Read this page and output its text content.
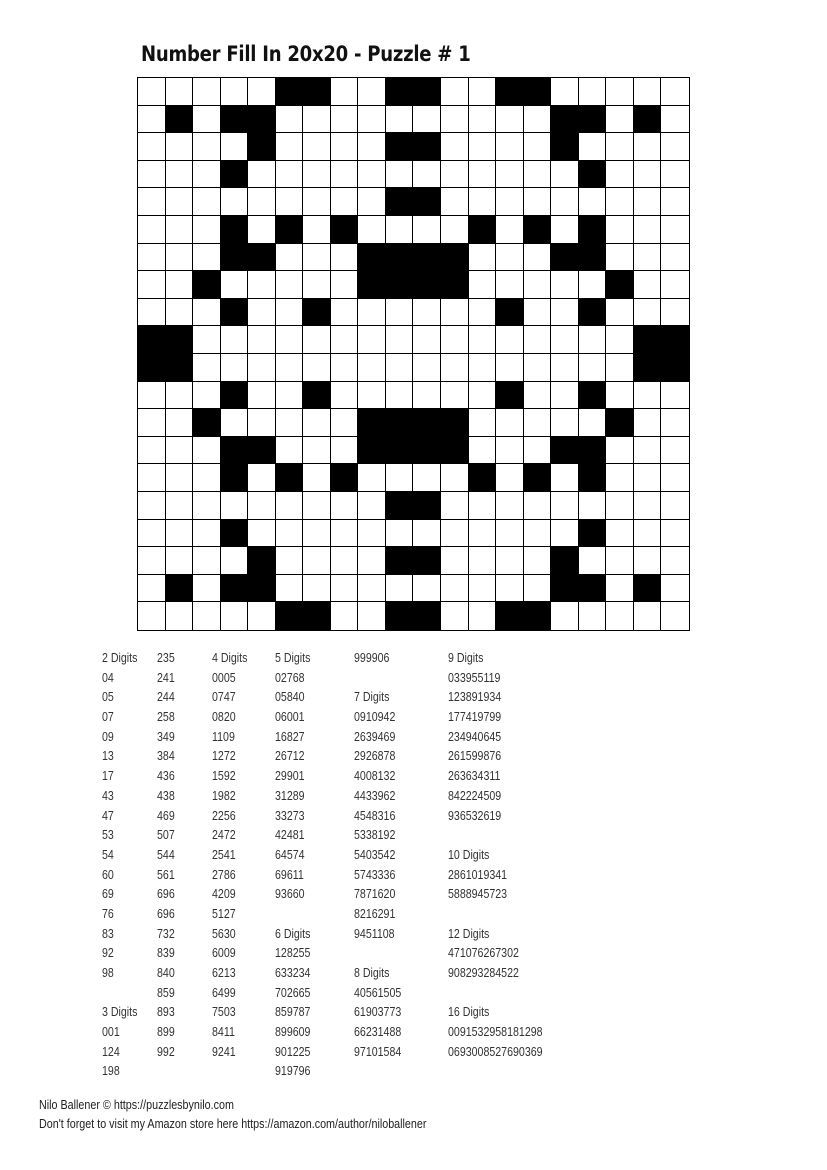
Number Fill In 20x20 - Puzzle # 1
2 Digits
04
05
07
09
13
17
43
47
53
54
60
69
76
83
92
98
3 Digits
001
124
198
235
241
244
258
349
384
436
438
469
507
544
561
696
696
732
839
840
859
893
899
992
4 Digits
0005
0747
0820
1109
1272
1592
1982
2256
2472
2541
2786
4209
5127
5630
6009
6213
6499
7503
8411
9241
5 Digits
02768
05840
06001
16827
26712
29901
31289
33273
42481
64574
69611
93660
6 Digits
128255
633234
702665
859787
899609
901225
919796
999906
7 Digits
0910942
2639469
2926878
4008132
4433962
4548316
5338192
5403542
5743336
7871620
8216291
9451108
8 Digits
40561505
61903773
66231488
97101584
9 Digits
033955119
123891934
177419799
234940645
261599876
263634311
842224509
936532619
10 Digits
2861019341
5888945723
12 Digits
471076267302
908293284522
16 Digits
0091532958181298
0693008527690369
Nilo Ballener © https://puzzlesbynilo.com
Don't forget to visit my Amazon store here https://amazon.com/author/niloballener
